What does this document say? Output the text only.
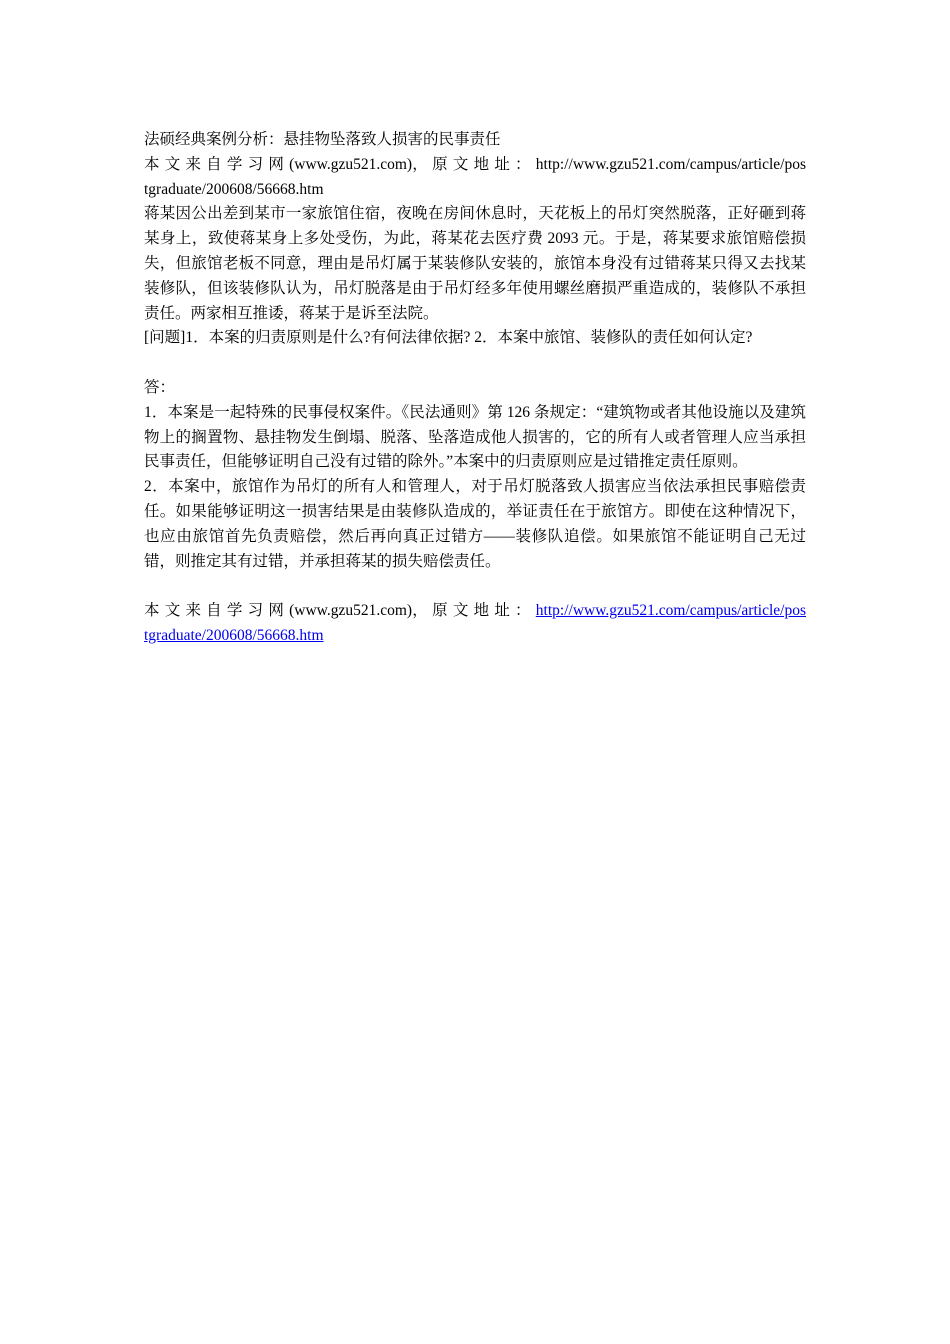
法硕经典案例分析：悬挂物坠落致人损害的民事责任

本文来自学习网(www.gzu521.com)， 原文地址：http://www.gzu521.com/campus/article/postgraduate/200608/56668.htm

蒋某因公出差到某市一家旅馆住宿，夜晚在房间休息时，天花板上的吊灯突然脱落，正好砸到蒋某身上，致使蒋某身上多处受伤，为此，蒋某花去医疗费 2093 元。于是，蒋某要求旅馆赔偿损失，但旅馆老板不同意，理由是吊灯属于某装修队安装的，旅馆本身没有过错蒋某只得又去找某装修队，但该装修队认为，吊灯脱落是由于吊灯经多年使用螺丝磨损严重造成的，装修队不承担责任。两家相互推诿，蒋某于是诉至法院。

[问题]1．本案的归责原则是什么?有何法律依据? 2．本案中旅馆、装修队的责任如何认定?

答：

1．本案是一起特殊的民事侵权案件。《民法通则》第 126 条规定：“建筑物或者其他设施以及建筑物上的搁置物、悬挂物发生倒塌、脱落、坠落造成他人损害的，它的所有人或者管理人应当承担民事责任，但能够证明自己没有过错的除外。”本案中的归责原则应是过错推定责任原则。

2．本案中，旅馆作为吊灯的所有人和管理人，对于吊灯脱落致人损害应当依法承担民事赔偿责任。如果能够证明这一损害结果是由装修队造成的，举证责任在于旅馆方。即使在这种情况下，也应由旅馆首先负责赔偿，然后再向真正过错方——装修队追偿。如果旅馆不能证明自己无过错，则推定其有过错，并承担蒋某的损失赔偿责任。

本文来自学习网(www.gzu521.com)， 原文地址：http://www.gzu521.com/campus/article/postgraduate/200608/56668.htm
